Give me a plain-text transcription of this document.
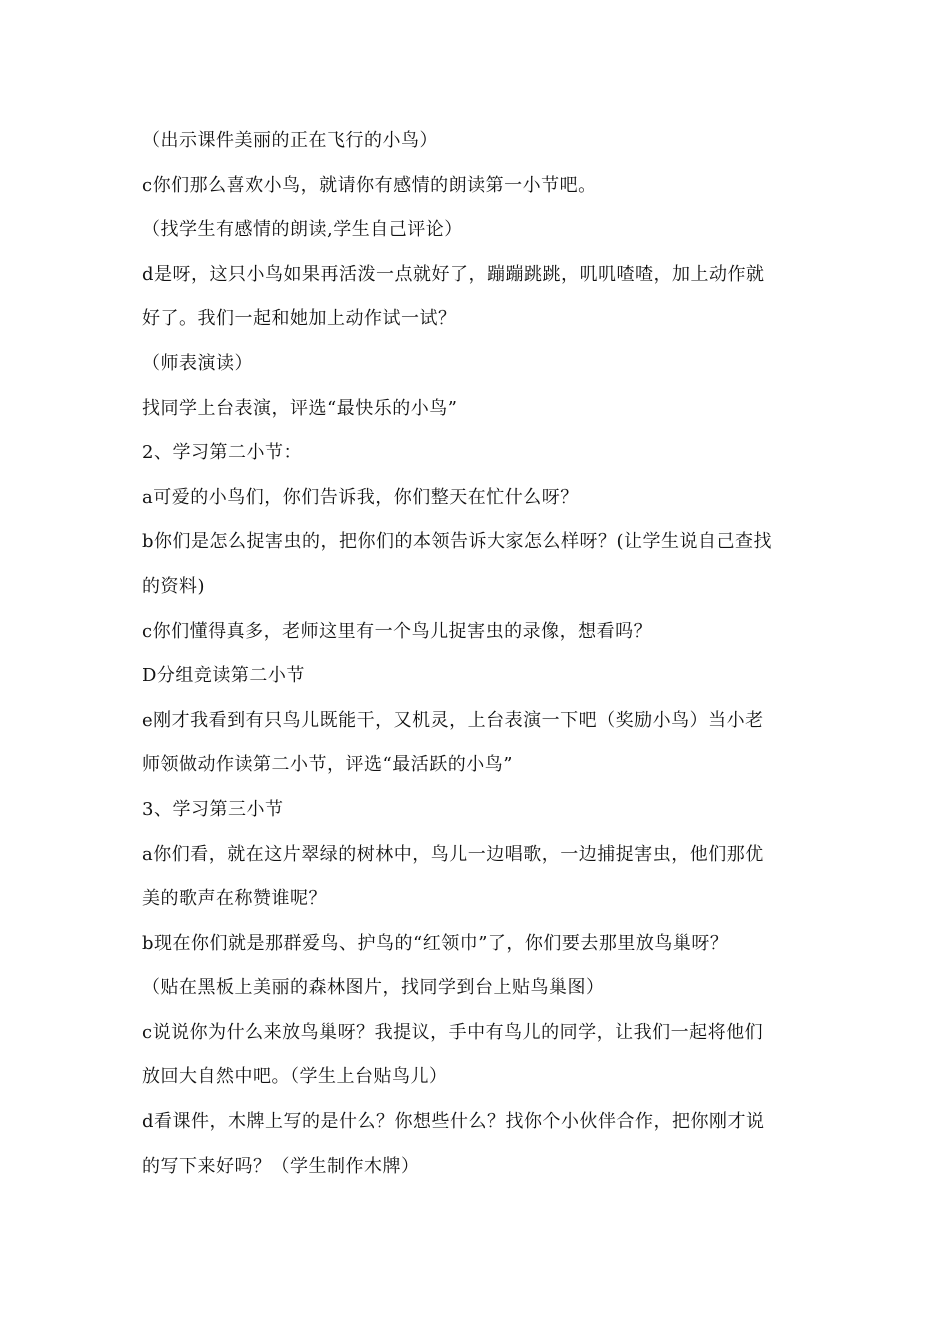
（出示课件美丽的正在飞行的小鸟）
c你们那么喜欢小鸟，就请你有感情的朗读第一小节吧。
（找学生有感情的朗读,学生自己评论）
d是呀，这只小鸟如果再活泼一点就好了，蹦蹦跳跳，叽叽喳喳，加上动作就
好了。我们一起和她加上动作试一试？
（师表演读）
找同学上台表演，评选“最快乐的小鸟”
2、学习第二小节：
a可爱的小鸟们，你们告诉我，你们整天在忙什么呀？
b你们是怎么捉害虫的，把你们的本领告诉大家怎么样呀？(让学生说自己查找
的资料)
c你们懂得真多，老师这里有一个鸟儿捉害虫的录像，想看吗？
D分组竞读第二小节
e刚才我看到有只鸟儿既能干，又机灵，上台表演一下吧（奖励小鸟）当小老
师领做动作读第二小节，评选“最活跃的小鸟”
3、学习第三小节
a你们看，就在这片翠绿的树林中，鸟儿一边唱歌，一边捕捉害虫，他们那优
美的歌声在称赞谁呢？
b现在你们就是那群爱鸟、护鸟的“红领巾”了，你们要去那里放鸟巢呀？
（贴在黑板上美丽的森林图片，找同学到台上贴鸟巢图）
c说说你为什么来放鸟巢呀？我提议，手中有鸟儿的同学，让我们一起将他们
放回大自然中吧。（学生上台贴鸟儿）
d看课件，木牌上写的是什么？你想些什么？找你个小伙伴合作，把你刚才说
的写下来好吗？（学生制作木牌）
